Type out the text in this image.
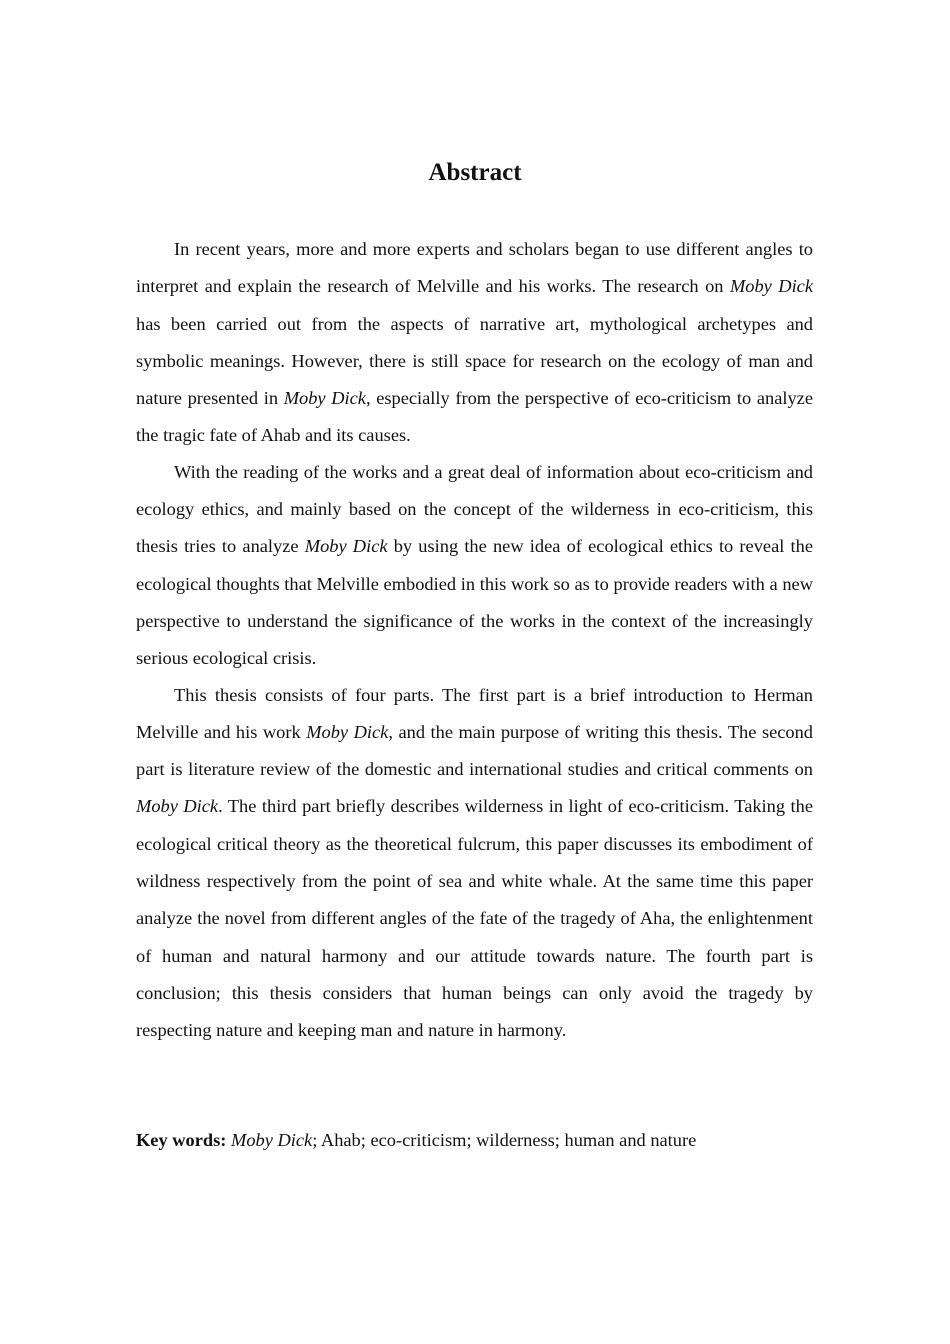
Abstract

In recent years, more and more experts and scholars began to use different angles to interpret and explain the research of Melville and his works. The research on Moby Dick has been carried out from the aspects of narrative art, mythological archetypes and symbolic meanings. However, there is still space for research on the ecology of man and nature presented in Moby Dick, especially from the perspective of eco-criticism to analyze the tragic fate of Ahab and its causes.

With the reading of the works and a great deal of information about eco-criticism and ecology ethics, and mainly based on the concept of the wilderness in eco-criticism, this thesis tries to analyze Moby Dick by using the new idea of ecological ethics to reveal the ecological thoughts that Melville embodied in this work so as to provide readers with a new perspective to understand the significance of the works in the context of the increasingly serious ecological crisis.

This thesis consists of four parts. The first part is a brief introduction to Herman Melville and his work Moby Dick, and the main purpose of writing this thesis. The second part is literature review of the domestic and international studies and critical comments on Moby Dick. The third part briefly describes wilderness in light of eco-criticism. Taking the ecological critical theory as the theoretical fulcrum, this paper discusses its embodiment of wildness respectively from the point of sea and white whale. At the same time this paper analyze the novel from different angles of the fate of the tragedy of Aha, the enlightenment of human and natural harmony and our attitude towards nature. The fourth part is conclusion; this thesis considers that human beings can only avoid the tragedy by respecting nature and keeping man and nature in harmony.

Key words: Moby Dick; Ahab; eco-criticism; wilderness; human and nature
